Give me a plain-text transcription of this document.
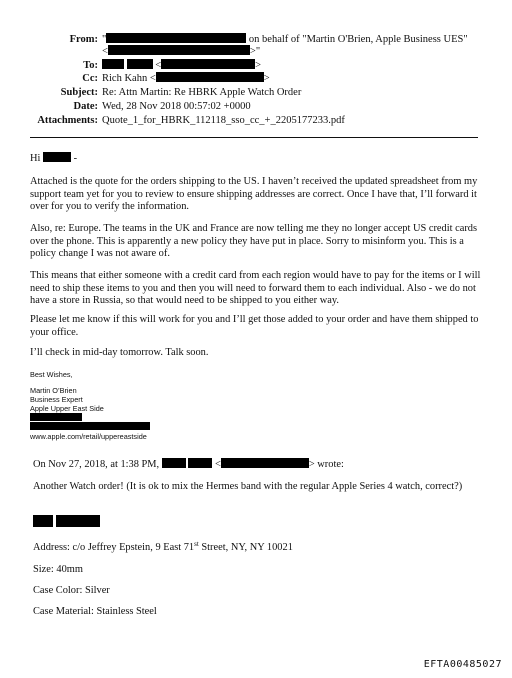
From: "	on behalf of "Martin O'Brien, Apple Business UES"
<	>"
To:	<	>
Cc: Rich Kahn <	>
Subject: Re: Attn Martin: Re HBRK Apple Watch Order
Date: Wed, 28 Nov 2018 00:57:02 +0000
Attachments: Quote_1_for_HBRK_112118_sso_cc_+_2205177233.pdf

Hi	-

Attached is the quote for the orders shipping to the US. I haven’t received the updated spreadsheet from my support team yet for you to review to ensure shipping addresses are correct. Once I have that, I’ll forward it over for you to verify the information.

Also, re: Europe. The teams in the UK and France are now telling me they no longer accept US credit cards over the phone. This is apparently a new policy they have put in place. Sorry to misinform you. This is a policy change I was not aware of.

This means that either someone with a credit card from each region would have to pay for the items or I will need to ship these items to you and then you will need to forward them to each individual. Also - we do not have a store in Russia, so that would need to be shipped to you either way.

Please let me know if this will work for you and I’ll get those added to your order and have them shipped to your office.

I’ll check in mid-day tomorrow. Talk soon.

Best Wishes,
Martin O’Brien
Business Expert
Apple Upper East Side
www.apple.com/retail/uppereastside
On Nov 27, 2018, at 1:38 PM,	<	> wrote:
Another Watch order! (It is ok to mix the Hermes band with the regular Apple Series 4 watch, correct?)

Address: c/o Jeffrey Epstein, 9 East 71st Street, NY, NY 10021
Size: 40mm
Case Color: Silver
Case Material: Stainless Steel
EFTA00485027
